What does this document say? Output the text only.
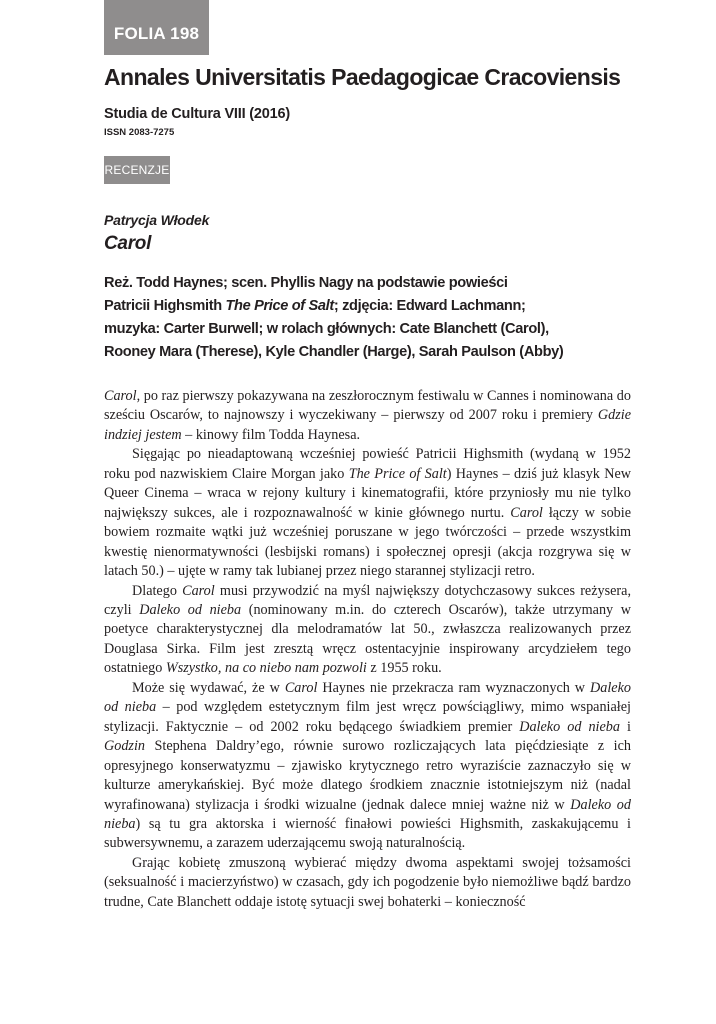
FOLIA 198
Annales Universitatis Paedagogicae Cracoviensis
Studia de Cultura VIII (2016)
ISSN 2083-7275
RECENZJE
Patrycja Włodek
Carol
Reż. Todd Haynes; scen. Phyllis Nagy na podstawie powieści
Patricii Highsmith The Price of Salt; zdjęcia: Edward Lachmann;
muzyka: Carter Burwell; w rolach głównych: Cate Blanchett (Carol),
Rooney Mara (Therese), Kyle Chandler (Harge), Sarah Paulson (Abby)

Carol, po raz pierwszy pokazywana na zeszłorocznym festiwalu w Cannes i nominowana do sześciu Oscarów, to najnowszy i wyczekiwany – pierwszy od 2007 roku i premiery Gdzie indziej jestem – kinowy film Todda Haynesa.

Sięgając po nieadaptowaną wcześniej powieść Patricii Highsmith (wydaną w 1952 roku pod nazwiskiem Claire Morgan jako The Price of Salt) Haynes – dziś już klasyk New Queer Cinema – wraca w rejony kultury i kinematografii, które przyniosły mu nie tylko największy sukces, ale i rozpoznawalność w kinie głównego nurtu. Carol łączy w sobie bowiem rozmaite wątki już wcześniej poruszane w jego twórczości – przede wszystkim kwestię nienormatywności (lesbijski romans) i społecznej opresji (akcja rozgrywa się w latach 50.) – ujęte w ramy tak lubianej przez niego starannej stylizacji retro.

Dlatego Carol musi przywodzić na myśl największy dotychczasowy sukces reżysera, czyli Daleko od nieba (nominowany m.in. do czterech Oscarów), także utrzymany w poetyce charakterystycznej dla melodramatów lat 50., zwłaszcza realizowanych przez Douglasa Sirka. Film jest zresztą wręcz ostentacyjnie inspirowany arcydziełem tego ostatniego Wszystko, na co niebo nam pozwoli z 1955 roku.

Może się wydawać, że w Carol Haynes nie przekracza ram wyznaczonych w Daleko od nieba – pod względem estetycznym film jest wręcz powściągliwy, mimo wspaniałej stylizacji. Faktycznie – od 2002 roku będącego świadkiem premier Daleko od nieba i Godzin Stephena Daldry’ego, równie surowo rozliczających lata pięćdziesiąte z ich opresyjnego konserwatyzmu – zjawisko krytycznego retro wyraziście zaznaczyło się w kulturze amerykańskiej. Być może dlatego środkiem znacznie istotniejszym niż (nadal wyrafinowana) stylizacja i środki wizualne (jednak dalece mniej ważne niż w Daleko od nieba) są tu gra aktorska i wierność finałowi powieści Highsmith, zaskakującemu i subwersywnemu, a zarazem uderzającemu swoją naturalnością.

Grając kobietę zmuszoną wybierać między dwoma aspektami swojej tożsamości (seksualność i macierzyństwo) w czasach, gdy ich pogodzenie było niemożliwe bądź bardzo trudne, Cate Blanchett oddaje istotę sytuacji swej bohaterki – konieczność
